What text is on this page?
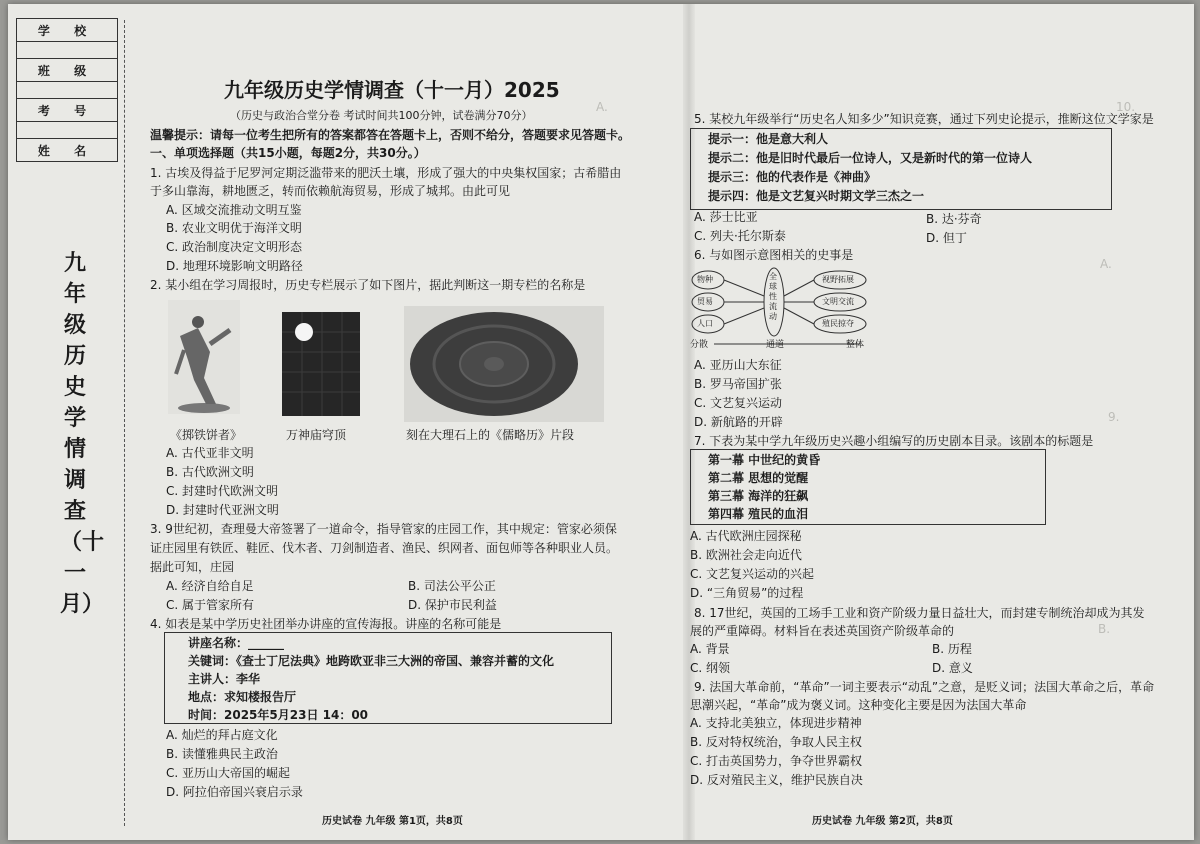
A.	10.
A.
9.
B.
学 校

班 级

考 号

姓 名
九年级历史学情调查（十一月）
九年级历史学情调查（十一月）2025
（历史与政治合堂分卷 考试时间共100分钟，试卷满分70分）
温馨提示：请每一位考生把所有的答案都答在答题卡上，否则不给分，答题要求见答题卡。
一、单项选择题（共15小题，每题2分，共30分。）
1. 古埃及得益于尼罗河定期泛滥带来的肥沃土壤，形成了强大的中央集权国家；古希腊由
于多山靠海，耕地匮乏，转而依赖航海贸易，形成了城邦。由此可见
A. 区域交流推动文明互鉴
B. 农业文明优于海洋文明
C. 政治制度决定文明形态
D. 地理环境影响文明路径
2. 某小组在学习周报时，历史专栏展示了如下图片，据此判断这一期专栏的名称是
《掷铁饼者》	万神庙穹顶	刻在大理石上的《儒略历》片段
A. 古代亚非文明
B. 古代欧洲文明
C. 封建时代欧洲文明
D. 封建时代亚洲文明
3. 9世纪初，查理曼大帝签署了一道命令，指导管家的庄园工作，其中规定：管家必须保
证庄园里有铁匠、鞋匠、伐木者、刀剑制造者、渔民、织网者、面包师等各种职业人员。
据此可知，庄园
A. 经济自给自足	B. 司法公平公正
C. 属于管家所有	D. 保护市民利益
4. 如表是某中学历史社团举办讲座的宣传海报。讲座的名称可能是
讲座名称：______
关键词：《查士丁尼法典》地跨欧亚非三大洲的帝国、兼容并蓄的文化
主讲人：李华
地点：求知楼报告厅
时间：2025年5月23日 14：00
A. 灿烂的拜占庭文化
B. 读懂雅典民主政治
C. 亚历山大帝国的崛起
D. 阿拉伯帝国兴衰启示录
历史试卷 九年级 第1页，共8页
5. 某校九年级举行“历史名人知多少”知识竞赛，通过下列史论提示，推断这位文学家是
提示一：他是意大利人
提示二：他是旧时代最后一位诗人，又是新时代的第一位诗人
提示三：他的代表作是《神曲》
提示四：他是文艺复兴时期文学三杰之一
A. 莎士比亚	B. 达·芬奇
C. 列夫·托尔斯泰	D. 但丁
6. 与如图示意图相关的史事是
物种
贸易
人口
全球性流动
视野拓展
文明交流
殖民掠夺
分散	通道	整体
A. 亚历山大东征
B. 罗马帝国扩张
C. 文艺复兴运动
D. 新航路的开辟
7. 下表为某中学九年级历史兴趣小组编写的历史剧本目录。该剧本的标题是
第一幕 中世纪的黄昏
第二幕 思想的觉醒
第三幕 海洋的狂飙
第四幕 殖民的血泪
A. 古代欧洲庄园探秘
B. 欧洲社会走向近代
C. 文艺复兴运动的兴起
D. “三角贸易”的过程
8. 17世纪，英国的工场手工业和资产阶级力量日益壮大，而封建专制统治却成为其发
展的严重障碍。材料旨在表述英国资产阶级革命的
A. 背景	B. 历程
C. 纲领	D. 意义
9. 法国大革命前，“革命”一词主要表示“动乱”之意，是贬义词；法国大革命之后，革命
思潮兴起，“革命”成为褒义词。这种变化主要是因为法国大革命
A. 支持北美独立，体现进步精神
B. 反对特权统治，争取人民主权
C. 打击英国势力，争夺世界霸权
D. 反对殖民主义，维护民族自决
历史试卷 九年级 第2页，共8页
